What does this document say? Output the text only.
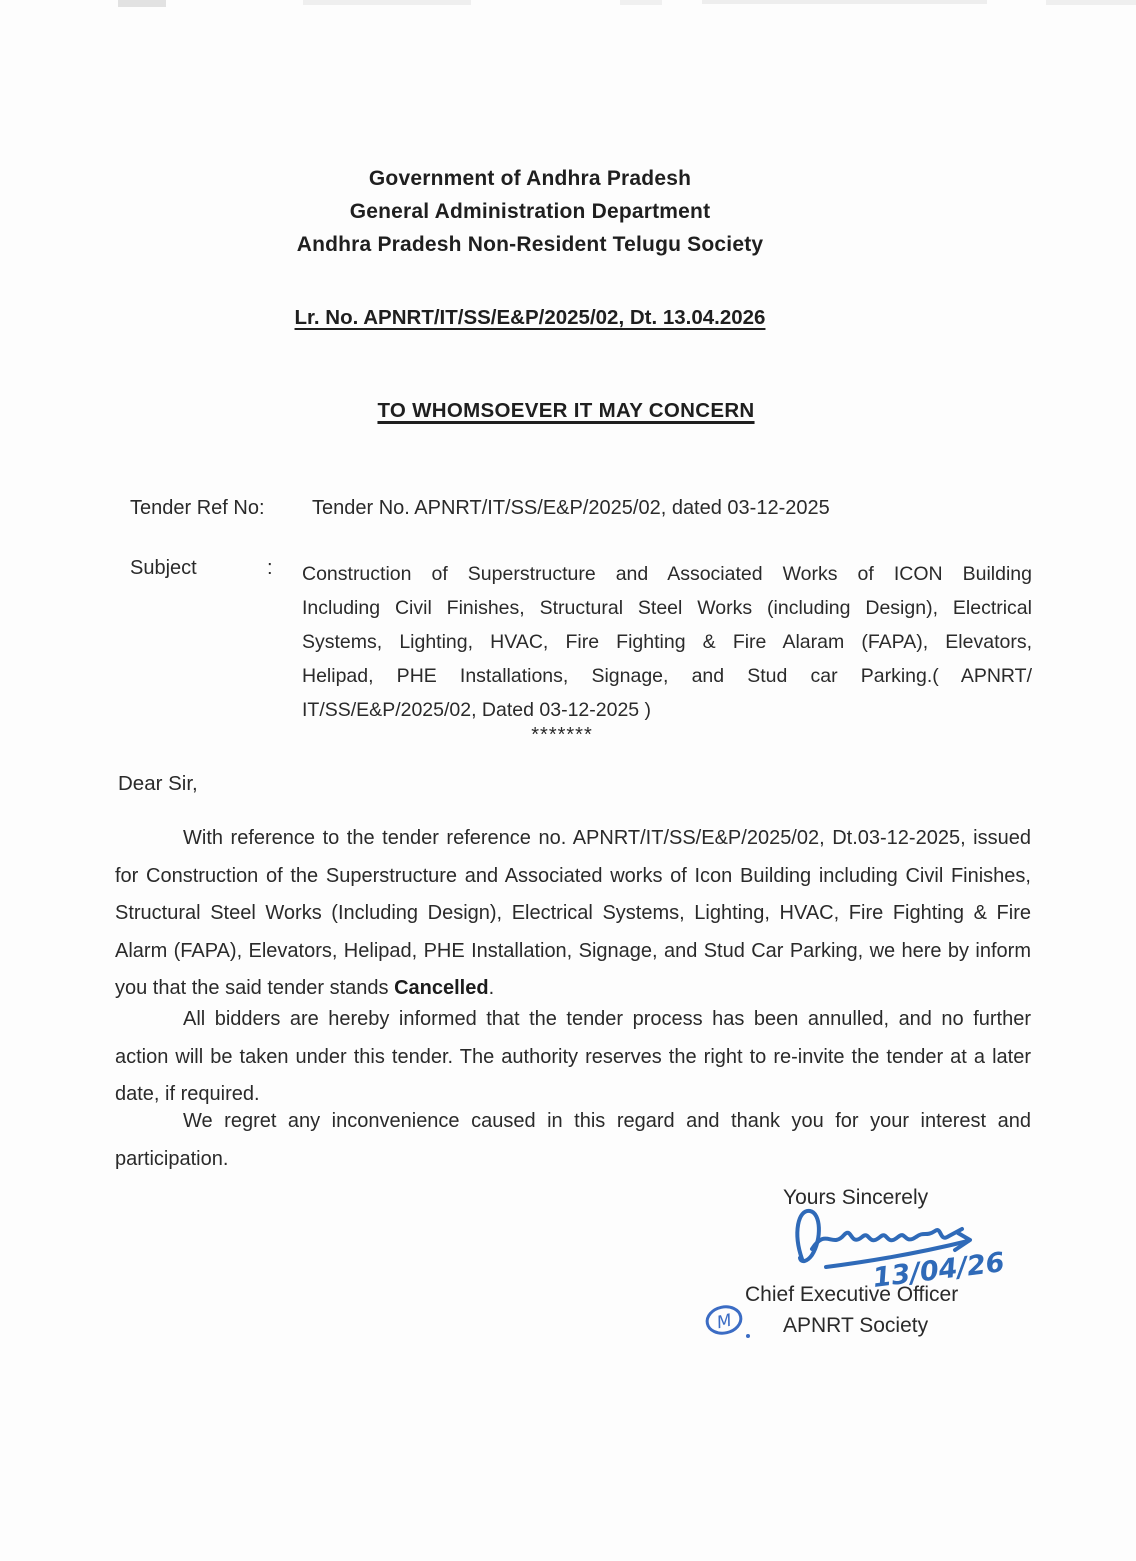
Government of Andhra Pradesh
General Administration Department
Andhra Pradesh Non-Resident Telugu Society
Lr. No. APNRT/IT/SS/E&P/2025/02, Dt. 13.04.2026
TO WHOMSOEVER IT MAY CONCERN
Tender Ref No: Tender No. APNRT/IT/SS/E&P/2025/02, dated 03-12-2025
Subject	: Construction of Superstructure and Associated Works of ICON Building
Including Civil Finishes, Structural Steel Works (including Design), Electrical
Systems, Lighting, HVAC, Fire Fighting & Fire Alaram (FAPA), Elevators,
Helipad, PHE Installations, Signage, and Stud car Parking.( APNRT/
IT/SS/E&P/2025/02, Dated 03-12-2025 )
*******
Dear Sir,

With reference to the tender reference no. APNRT/IT/SS/E&P/2025/02, Dt.03-12-2025, issued for Construction of the Superstructure and Associated works of Icon Building including Civil Finishes, Structural Steel Works (Including Design), Electrical Systems, Lighting, HVAC, Fire Fighting & Fire Alarm (FAPA), Elevators, Helipad, PHE Installation, Signage, and Stud Car Parking, we here by inform you that the said tender stands Cancelled.

All bidders are hereby informed that the tender process has been annulled, and no further action will be taken under this tender. The authority reserves the right to re-invite the tender at a later date, if required.

We regret any inconvenience caused in this regard and thank you for your interest and participation.

Yours Sincerely
13/04/26
Chief Executive Officer
M APNRT Society
